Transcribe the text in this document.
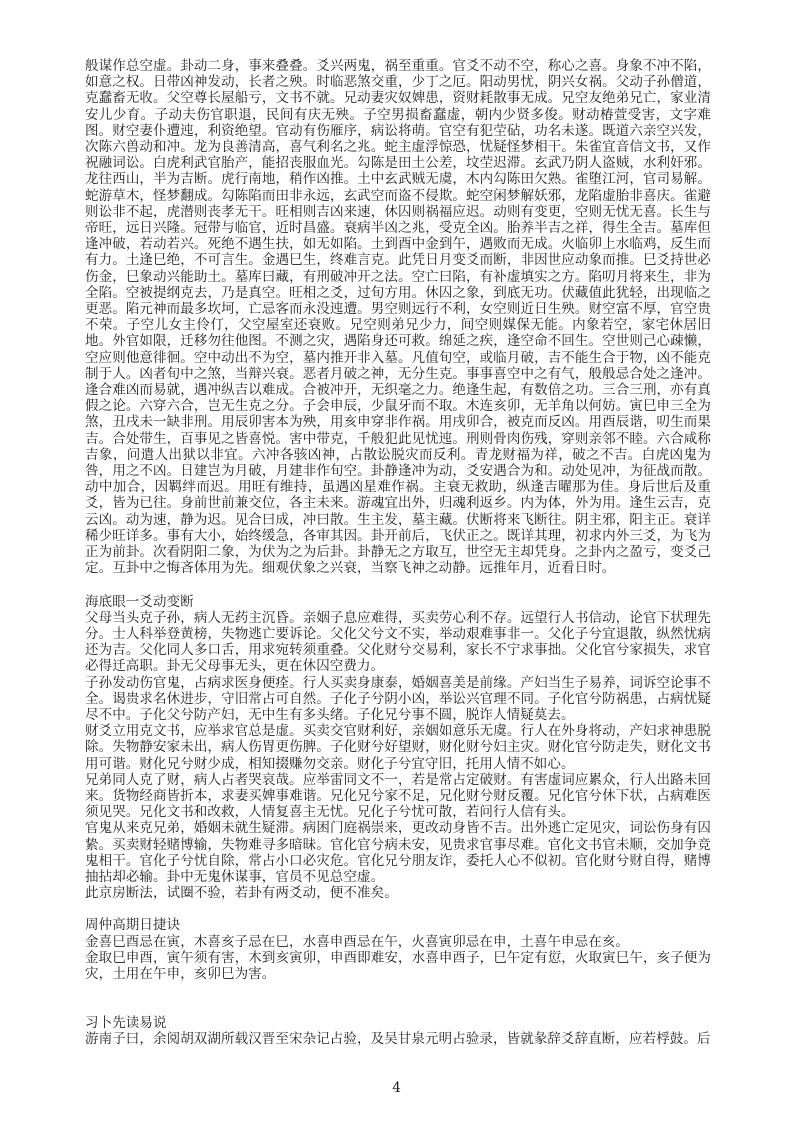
般谋作总空虚。卦动二身，事来叠叠。爻兴两鬼，祸至重重。官爻不动不空，称心之喜。身象不冲不陷，如意之权。日带凶神发动，长者之殃。时临恶煞交重，少丁之厄。阳动男忧，阴兴女祸。父动子孙僧道，克蠢畜无收。父空尊长屋船亏，文书不就。兄动妻灾奴婢患，资财耗散事无成。兄空友绝弟兄亡，家业清安儿少育。子动夫伤官职退，民间有庆无殃。子空男损畜蠢虚，朝内少贤多俊。财动椿萱受害，文字难图。财空妻仆遭迍，利资绝望。官动有伤雁序，病讼将萌。官空有犯茔砧，功名未遂。既道六亲空兴发，次陈六兽动和冲。龙为良善清高，喜气利名之兆。蛇主虚浮惊恐，忧疑怪梦相干。朱雀宜音信文书，又作祝融词讼。白虎利武官胎产，能招丧服血光。勾陈是田土公差，坟茔迟滞。玄武乃阴人盗贼，水利奸邪。龙往西山，半为吉断。虎行南地，稍作凶推。土中玄武贼无虞，木内勾陈田欠熟。雀堕江河，官司易解。蛇游草木，怪梦翻成。勾陈陷而田非永远，玄武空而盗不侵欺。蛇空闲梦解妖邪，龙陷虚胎非喜庆。雀避则讼非不起，虎潜则丧孝无干。旺相则吉凶来速，休囚则祸福应迟。动则有变更，空则无忧无喜。长生与帝旺，远日兴隆。冠带与临官，近时昌盛。衰病半凶之兆，受克全凶。胎养半吉之祥，得生全吉。墓库但逢冲破，若动若兴。死绝不遇生扶，如无如陷。土到酉中金到午，遇败而无成。火临卯上水临鸡，反生而有力。土逢巳绝，不可言生。金遇巳生，终难言克。此凭日月变爻而断，非因世应动象而推。巳爻持世必伤金，巳象动兴能助土。墓库曰藏，有刑破冲开之法。空亡曰陷，有补虚填实之方。陷叨月将来生，非为全陷。空被提纲克去，乃是真空。旺相之爻，过旬方用。休囚之象，到底无功。伏藏值此犹轻，出现临之更恶。陷元神而最多坎坷，亡忌客而永没迍遭。男空则远行不利，女空则近日生殃。财空富不厚，官空贵不荣。子空儿女主伶仃，父空屋室还衰败。兄空则弟兄少力，间空则媒保无能。内象若空，家宅休居旧地。外官如限，迁移勿往他图。不测之灾，遇陷身还可救。绵延之疾，逢空命不回生。空世则己心疎懒，空应则他意徘徊。空中动出不为空，墓内推开非入墓。凡值旬空，或临月破，吉不能生合于物，凶不能克制于人。凶者旬中之煞，当辩兴衰。恶者月破之神，无分生克。事事喜空中之有气，般般忌合处之逢冲。逢合难凶而易就，遇冲纵吉以难成。合被冲开，无织毫之力。绝逢生起，有数倍之功。三合三刑，亦有真假之论。六穿六合，岂无生克之分。子会申辰，少鼠牙而不取。木连亥卯，无羊角以何妨。寅巳申三全为煞，丑戌未一缺非刑。用辰卯害本为殃，用亥申穿非作祸。用戌卯合，被克而反凶。用酉辰谐，叨生而果吉。合处带生，百事见之皆喜悦。害中带克，千般犯此见忧迍。刑则骨肉伤残，穿则亲邻不睦。六合咸称吉象，问遣人出狱以非宜。六冲各骇凶神，占散讼脱灾而反利。青龙财福为祥，破之不吉。白虎凶鬼为咎，用之不凶。日建岂为月破，月建非作旬空。卦静逢冲为动，爻安遇合为和。动处见冲，为征战而散。动中加合，因羁绊而迟。用旺有维持，虽遇凶星难作祸。主衰无救助，纵逢吉曜那为佳。身后世后及重爻，皆为已往。身前世前兼交位，各主未来。游魂宜出外，归魂利返乡。内为体，外为用。逢生云吉，克云凶。动为速，静为迟。见合曰成，冲曰散。生主发，墓主藏。伏断将来飞断往。阴主邪，阳主正。衰详稀少旺详多。事有大小，始终缓急，各审其因。卦开前后，飞伏正之。既详其理，初求内外三爻，为飞为正为前卦。次看阴阳二象，为伏为之为后卦。卦静无之方取互，世空无主却凭身。之卦内之盈亏，变爻己定。互卦中之悔吝体用为先。细观伏象之兴衰，当察飞神之动静。远推年月，近看日时。

海底眼一爻动变断

父母当头克子孙，病人无药主沉昏。亲姻子息应难得，买卖劳心利不存。远望行人书信动，论官下状理先分。士人科举登黄榜，失物逃亡要诉论。父化父兮文不实，举动艰难事非一。父化子兮宜退散，纵然忧病还为吉。父化同人多口舌，用求宛转须重叠。父化财兮交易利，家长不宁求事拙。父化官兮家损失，求官必得迁高职。卦无父母事无头，更在休囚空费力。

子孙发动伤官鬼，占病求医身便痊。行人买卖身康泰，婚姻喜美是前缘。产妇当生子易养，词诉空论事不全。谒贵求名休进步，守旧常占可自然。子化子兮阴小凶，举讼兴官理不同。子化官兮防祸患，占病忧疑尽不中。子化父兮防产妇，无中生有多头绪。子化兄兮事不圆，脱诈人情疑莫去。

财爻立用克文书，应举求官总是虚。买卖交官财利好，亲姻如意乐无虞。行人在外身将动，产妇求神患脱除。失物静安家未出，病人伤胃更伤脾。子化财兮好望财，财化财兮妇主灾。财化官兮防走失，财化文书用可谐。财化兄兮财少成，相知掇赚勿交亲。财化子兮宜守旧，托用人情不如心。

兄弟同人克了财，病人占者哭哀哉。应举雷同文不一，若是常占定破财。有害虚词应累众，行人出路未回来。货物经商皆折本，求妻买婢事难谐。兄化兄兮家不足，兄化财兮财反覆。兄化官兮休下状，占病难医须见哭。兄化文书和改救，人情复喜主无忧。兄化子兮忧可散，若问行人信有头。

官鬼从来克兄弟，婚姻未就生疑滞。病困门庭祸崇来，更改动身皆不吉。出外逃亡定见灾，词讼伤身有囚絷。买卖财轻赌博输，失物难寻多暗昧。官化官兮病未安，见贵求官事尽难。官化文书官未顺，交加争竞鬼相干。官化子兮忧自除，常占小口必灾危。官化兄兮朋友诈，委托人心不似初。官化财兮财自得，赌博抽拈却必输。卦中无鬼休谋事，官员不见总空虚。

此京房断法，试圈不验，若卦有两爻动，便不准矣。

周仲高期日捷诀

金喜巳酉忌在寅，木喜亥子忌在巳，水喜申酉忌在午，火喜寅卯忌在申，土喜午申忌在亥。

金取巳申酉，寅午须有害，木到亥寅卯，申酉即难安，水喜申酉子，巳午定有愆，火取寅巳午，亥子便为灾，土用在午申，亥卯巳为害。

习卜先读易说

游南子曰，余阅胡双湖所载汉晋至宋杂记占验，及吴甘泉元明占验录，皆就彖辞爻辞直断，应若桴鼓。后

4
